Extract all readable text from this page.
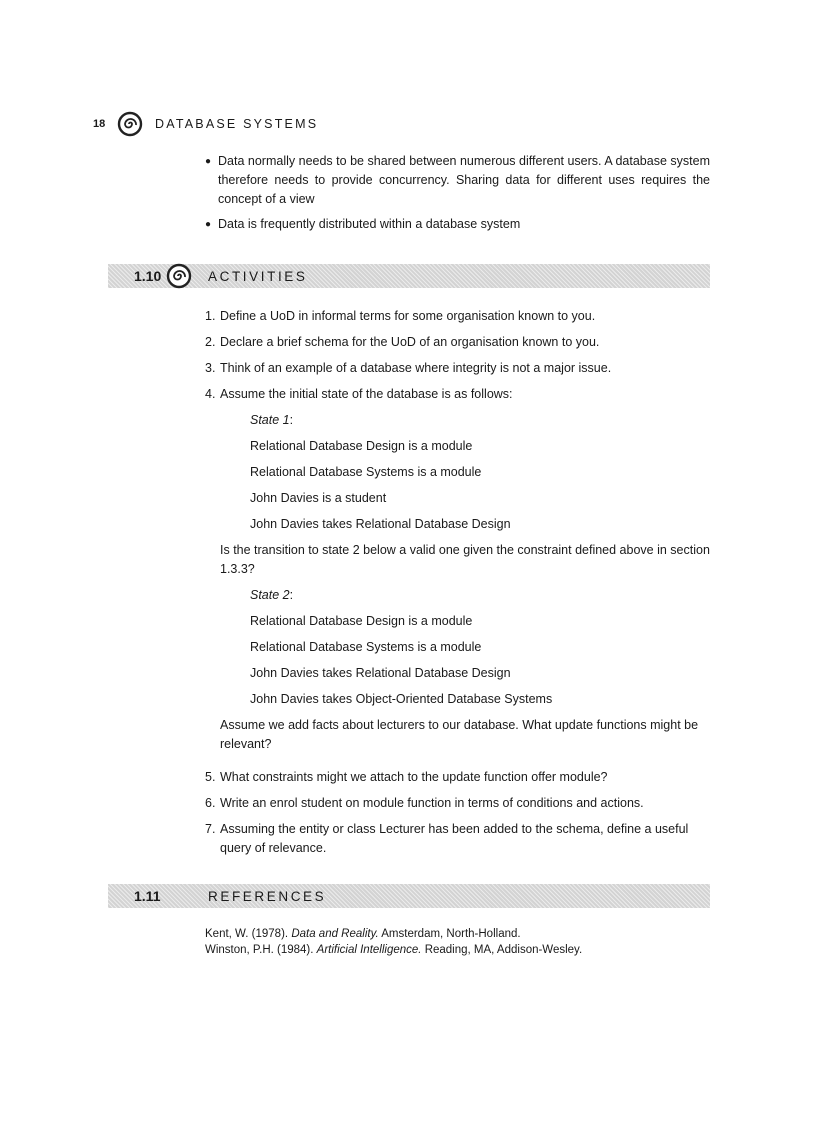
18	DATABASE SYSTEMS
● Data normally needs to be shared between numerous different users. A database system therefore needs to provide concurrency. Sharing data for different uses requires the concept of a view
● Data is frequently distributed within a database system
1.10	ACTIVITIES
1. Define a UoD in informal terms for some organisation known to you.
2. Declare a brief schema for the UoD of an organisation known to you.
3. Think of an example of a database where integrity is not a major issue.
4. Assume the initial state of the database is as follows:

State 1:

Relational Database Design is a module

Relational Database Systems is a module

John Davies is a student

John Davies takes Relational Database Design

Is the transition to state 2 below a valid one given the constraint defined above in section 1.3.3?

State 2:

Relational Database Design is a module

Relational Database Systems is a module

John Davies takes Relational Database Design

John Davies takes Object-Oriented Database Systems

Assume we add facts about lecturers to our database. What update functions might be relevant?
5. What constraints might we attach to the update function offer module?
6. Write an enrol student on module function in terms of conditions and actions.
7. Assuming the entity or class Lecturer has been added to the schema, define a useful query of relevance.
1.11	REFERENCES

Kent, W. (1978). Data and Reality. Amsterdam, North-Holland.

Winston, P.H. (1984). Artificial Intelligence. Reading, MA, Addison-Wesley.
